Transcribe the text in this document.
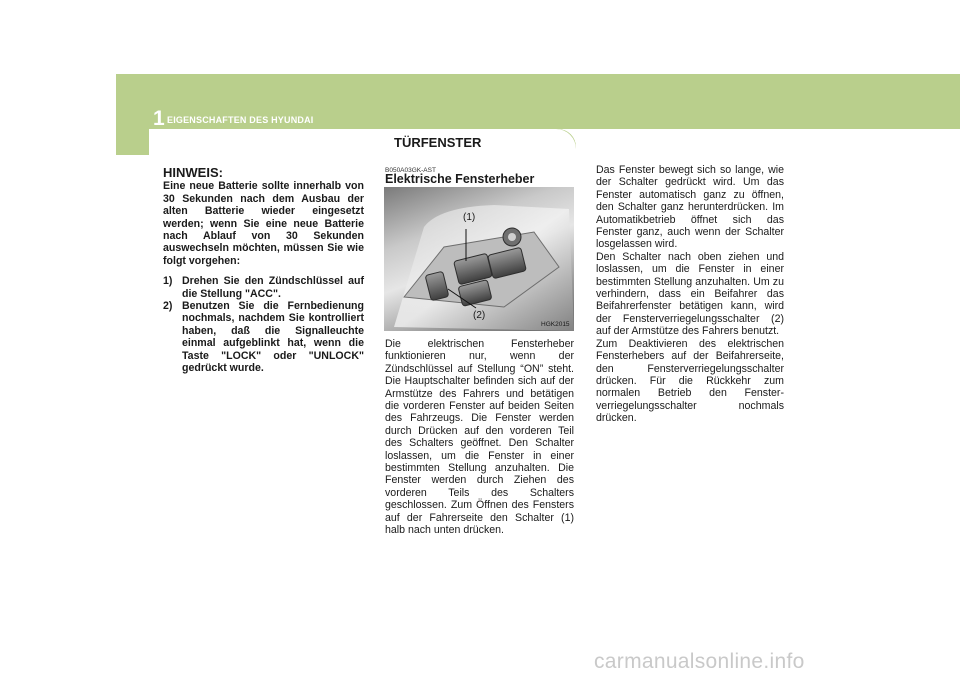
1 EIGENSCHAFTEN DES HYUNDAI
14	TÜRFENSTER
HINWEIS:

Eine neue Batterie sollte innerhalb von 30 Sekunden nach dem Ausbau der alten Batterie wieder eingesetzt werden; wenn Sie eine neue Batterie nach Ablauf von 30 Sekunden auswechseln möchten, müssen Sie wie folgt vorgehen:

1) Drehen Sie den Zündschlüssel auf die Stellung "ACC".
2) Benutzen Sie die Fernbedienung nochmals, nachdem Sie kontrolliert haben, daß die Signalleuchte einmal aufgeblinkt hat, wenn die Taste "LOCK" oder "UNLOCK" gedrückt wurde.
B050A03GK-AST
Elektrische Fensterheber
(1)
(2)
HGK2015

Die elektrischen Fensterheber funktionieren nur, wenn der Zündschlüssel auf Stellung “ON” steht. Die Hauptschalter befinden sich auf der Armstütze des Fahrers und betätigen die vorderen Fenster auf beiden Seiten des Fahrzeugs. Die Fenster werden durch Drücken auf den vorderen Teil des Schalters geöffnet. Den Schalter loslassen, um die Fenster in einer bestimmten Stellung anzuhalten. Die Fenster werden durch Ziehen des vorderen Teils des Schalters geschlossen. Zum Öffnen des Fensters auf der Fahrerseite den Schalter (1) halb nach unten drücken.

Das Fenster bewegt sich so lange, wie der Schalter gedrückt wird. Um das Fenster automatisch ganz zu öffnen, den Schalter ganz herunterdrücken. Im Automatikbetrieb öffnet sich das Fenster ganz, auch wenn der Schalter losgelassen wird.

Den Schalter nach oben ziehen und loslassen, um die Fenster in einer bestimmten Stellung anzuhalten. Um zu verhindern, dass ein Beifahrer das Beifahrerfenster betätigen kann, wird der Fensterverriegelungsschalter (2) auf der Armstütze des Fahrers benutzt.

Zum Deaktivieren des elektrischen Fensterhebers auf der Beifahrerseite, den Fensterverriegelungsschalter drücken. Für die Rückkehr zum normalen Betrieb den Fenster-verriegelungsschalter nochmals drücken.

carmanualsonline.info
